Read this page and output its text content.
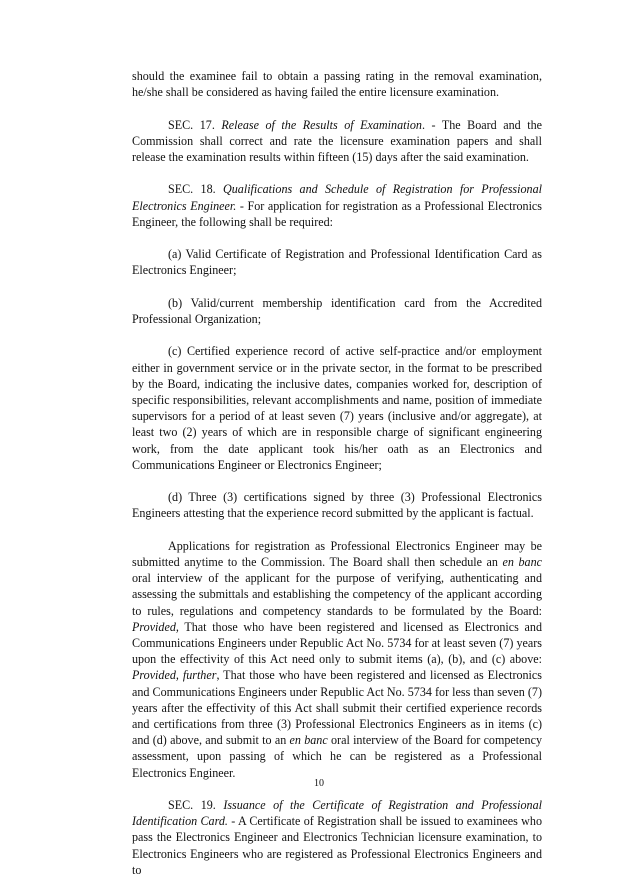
should the examinee fail to obtain a passing rating in the removal examination, he/she shall be considered as having failed the entire licensure examination.

SEC. 17. Release of the Results of Examination. - The Board and the Commission shall correct and rate the licensure examination papers and shall release the examination results within fifteen (15) days after the said examination.

SEC. 18. Qualifications and Schedule of Registration for Professional Electronics Engineer. - For application for registration as a Professional Electronics Engineer, the following shall be required:

(a) Valid Certificate of Registration and Professional Identification Card as Electronics Engineer;

(b) Valid/current membership identification card from the Accredited Professional Organization;

(c) Certified experience record of active self-practice and/or employment either in government service or in the private sector, in the format to be prescribed by the Board, indicating the inclusive dates, companies worked for, description of specific responsibilities, relevant accomplishments and name, position of immediate supervisors for a period of at least seven (7) years (inclusive and/or aggregate), at least two (2) years of which are in responsible charge of significant engineering work, from the date applicant took his/her oath as an Electronics and Communications Engineer or Electronics Engineer;

(d) Three (3) certifications signed by three (3) Professional Electronics Engineers attesting that the experience record submitted by the applicant is factual.

Applications for registration as Professional Electronics Engineer may be submitted anytime to the Commission. The Board shall then schedule an en banc oral interview of the applicant for the purpose of verifying, authenticating and assessing the submittals and establishing the competency of the applicant according to rules, regulations and competency standards to be formulated by the Board: Provided, That those who have been registered and licensed as Electronics and Communications Engineers under Republic Act No. 5734 for at least seven (7) years upon the effectivity of this Act need only to submit items (a), (b), and (c) above: Provided, further, That those who have been registered and licensed as Electronics and Communications Engineers under Republic Act No. 5734 for less than seven (7) years after the effectivity of this Act shall submit their certified experience records and certifications from three (3) Professional Electronics Engineers as in items (c) and (d) above, and submit to an en banc oral interview of the Board for competency assessment, upon passing of which he can be registered as a Professional Electronics Engineer.

SEC. 19. Issuance of the Certificate of Registration and Professional Identification Card. - A Certificate of Registration shall be issued to examinees who pass the Electronics Engineer and Electronics Technician licensure examination, to Electronics Engineers who are registered as Professional Electronics Engineers and to

10
